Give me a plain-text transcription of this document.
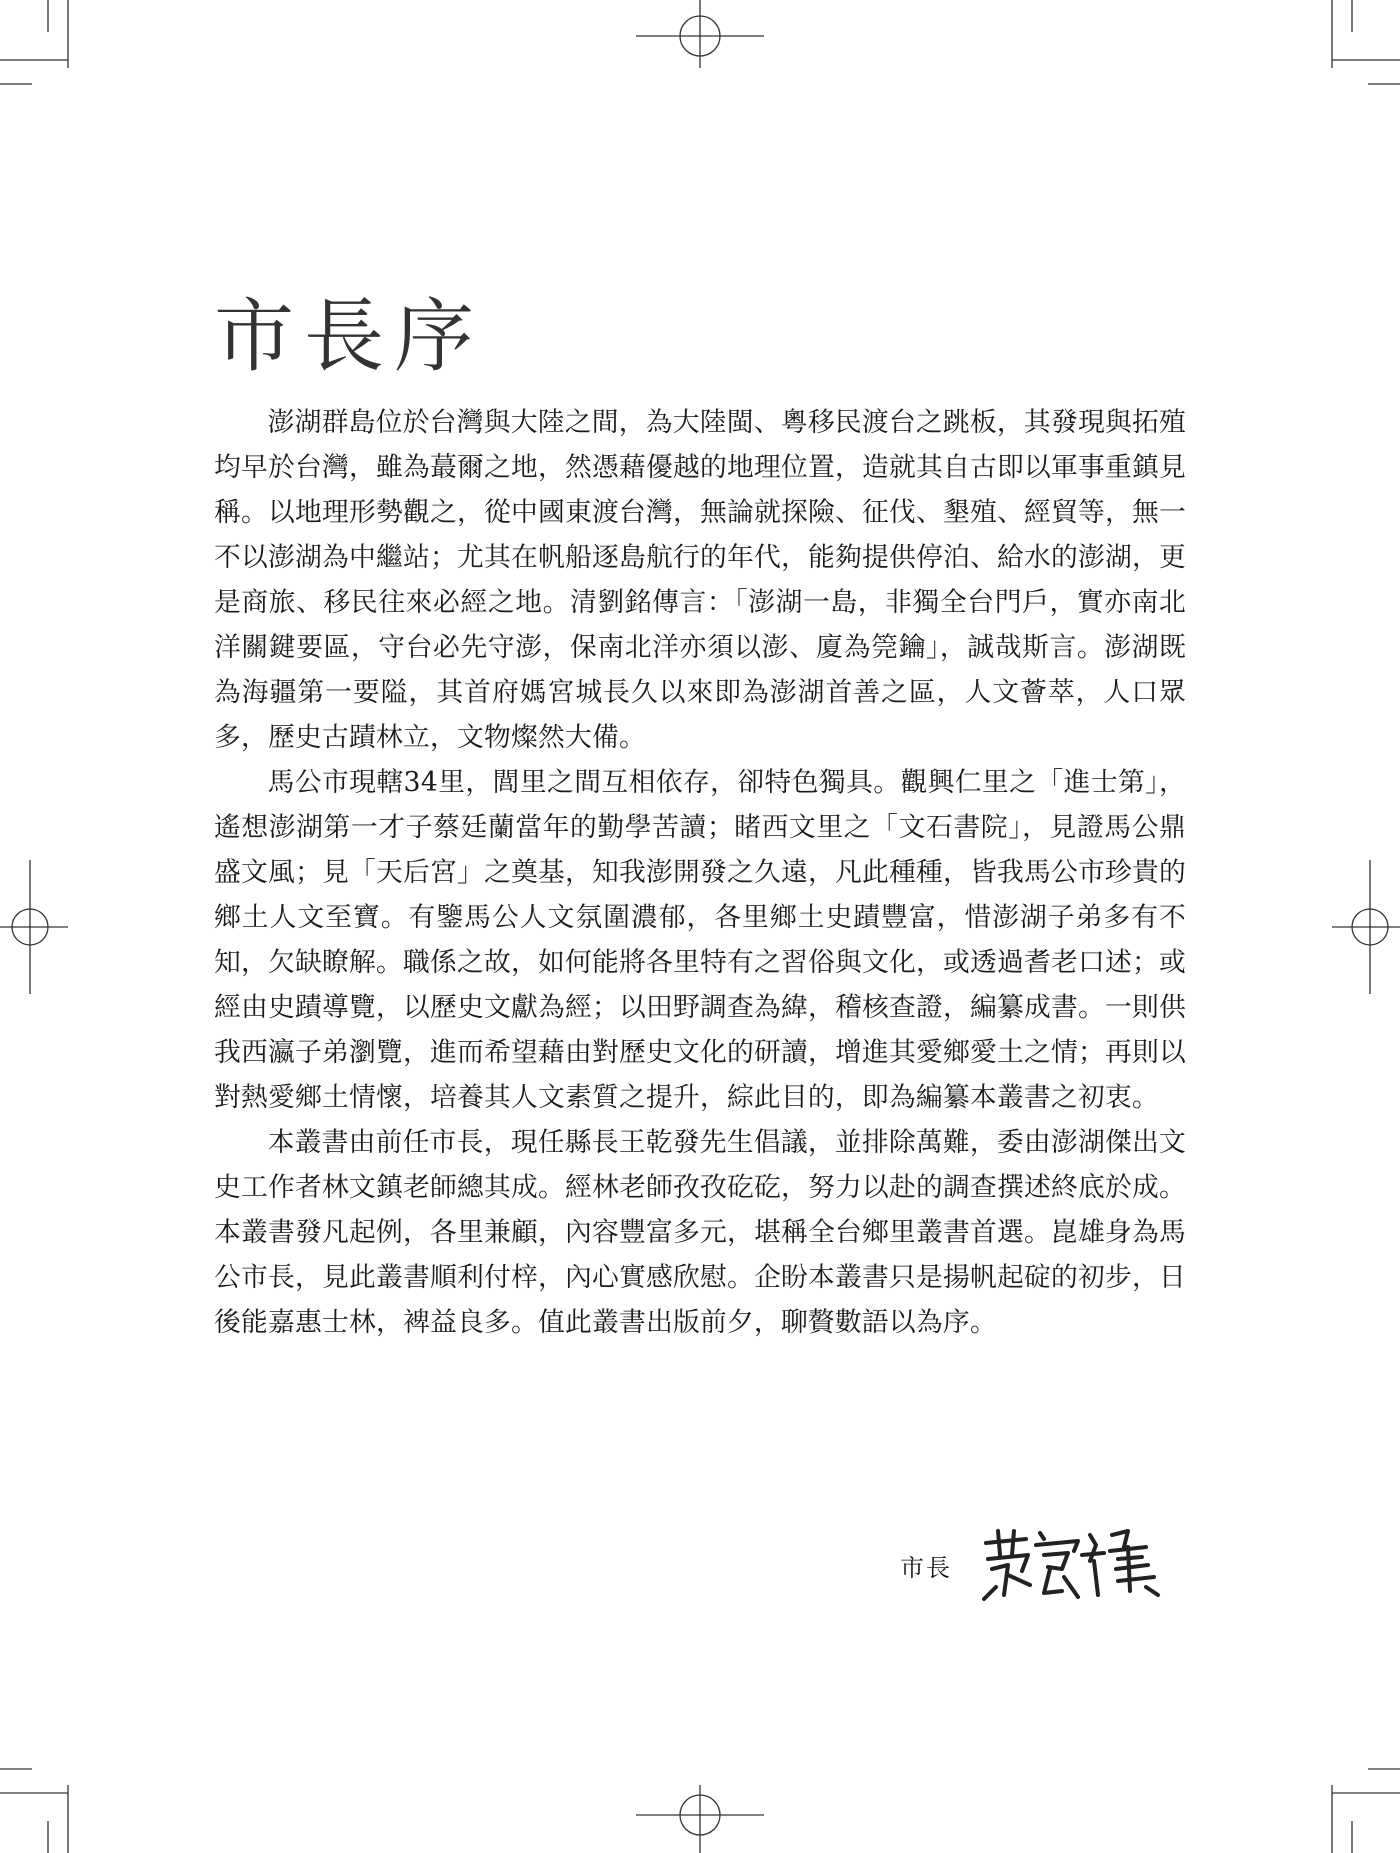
市長序

澎湖群島位於台灣與大陸之間，為大陸閩、粵移民渡台之跳板，其發現與拓殖均早於台灣，雖為蕞爾之地，然憑藉優越的地理位置，造就其自古即以軍事重鎮見稱。以地理形勢觀之，從中國東渡台灣，無論就探險、征伐、墾殖、經貿等，無一不以澎湖為中繼站；尤其在帆船逐島航行的年代，能夠提供停泊、給水的澎湖，更是商旅、移民往來必經之地。清劉銘傳言：「澎湖一島，非獨全台門戶，實亦南北洋關鍵要區，守台必先守澎，保南北洋亦須以澎、廈為筦鑰」，誠哉斯言。澎湖既為海疆第一要隘，其首府媽宮城長久以來即為澎湖首善之區，人文薈萃，人口眾多，歷史古蹟林立，文物燦然大備。

馬公市現轄34里，閭里之間互相依存，卻特色獨具。觀興仁里之「進士第」，遙想澎湖第一才子蔡廷蘭當年的勤學苦讀；睹西文里之「文石書院」，見證馬公鼎盛文風；見「天后宮」之奠基，知我澎開發之久遠，凡此種種，皆我馬公市珍貴的鄉土人文至寶。有鑒馬公人文氛圍濃郁，各里鄉土史蹟豐富，惜澎湖子弟多有不知，欠缺瞭解。職係之故，如何能將各里特有之習俗與文化，或透過耆老口述；或經由史蹟導覽，以歷史文獻為經；以田野調查為緯，稽核查證，編纂成書。一則供我西瀛子弟瀏覽，進而希望藉由對歷史文化的研讀，增進其愛鄉愛土之情；再則以對熱愛鄉土情懷，培養其人文素質之提升，綜此目的，即為編纂本叢書之初衷。

本叢書由前任市長，現任縣長王乾發先生倡議，並排除萬難，委由澎湖傑出文史工作者林文鎮老師總其成。經林老師孜孜矻矻，努力以赴的調查撰述終底於成。本叢書發凡起例，各里兼顧，內容豐富多元，堪稱全台鄉里叢書首選。崑雄身為馬公市長，見此叢書順利付梓，內心實感欣慰。企盼本叢書只是揚帆起碇的初步，日後能嘉惠士林，裨益良多。值此叢書出版前夕，聊贅數語以為序。

市長
